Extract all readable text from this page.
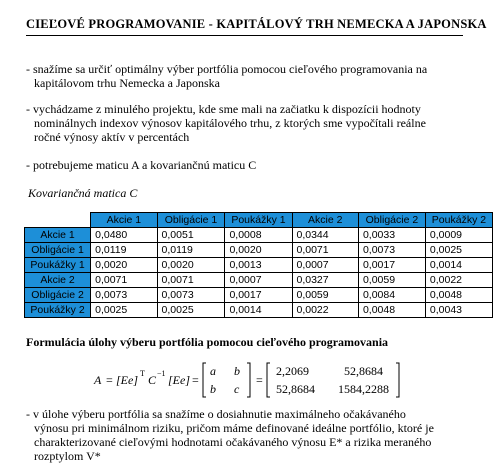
CIEĽOVÉ PROGRAMOVANIE - KAPITÁLOVÝ TRH NEMECKA A JAPONSKA
- snažíme sa určiť optimálny výber portfólia pomocou cieľového programovania na
kapitálovom trhu Nemecka a Japonska
- vychádzame z minulého projektu, kde sme mali na začiatku k dispozícii hodnoty
nominálnych indexov výnosov kapitálového trhu, z ktorých sme vypočítali reálne
ročné výnosy aktív v percentách
- potrebujeme maticu A a kovariančnú maticu C
Kovariančná matica C
	Akcie 1	Obligácie 1	Poukážky 1	Akcie 2	Obligácie 2	Poukážky 2
Akcie 1	0,0480	0,0051	0,0008	0,0344	0,0033	0,0009
Obligácie 1	0,0119	0,0119	0,0020	0,0071	0,0073	0,0025
Poukážky 1	0,0020	0,0020	0,0013	0,0007	0,0017	0,0014
Akcie 2	0,0071	0,0071	0,0007	0,0327	0,0059	0,0022
Obligácie 2	0,0073	0,0073	0,0017	0,0059	0,0084	0,0048
Poukážky 2	0,0025	0,0025	0,0014	0,0022	0,0048	0,0043
Formulácia úlohy výberu portfólia pomocou cieľového programovania
A = [Ee] T C −1 [Ee] =
a b
b c
=
2,2069	52,8684
52,8684 1584,2288
- v úlohe výberu portfólia sa snažíme o dosiahnutie maximálneho očakávaného
výnosu pri minimálnom riziku, pričom máme definované ideálne portfólio, ktoré je
charakterizované cieľovými hodnotami očakávaného výnosu E* a rizika meraného
rozptylom V*
